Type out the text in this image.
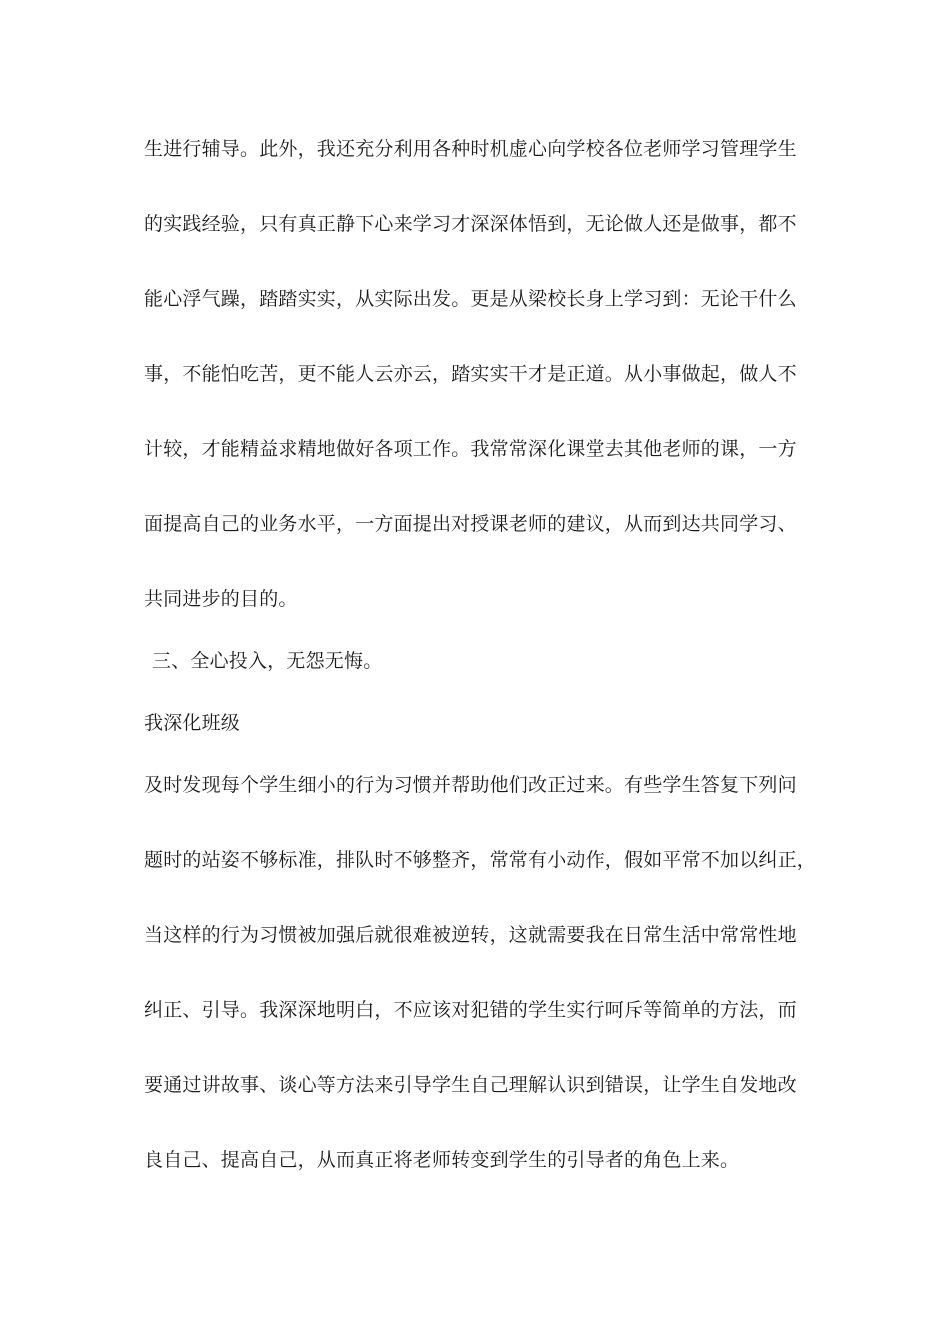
生进行辅导。此外，我还充分利用各种时机虚心向学校各位老师学习管理学生
的实践经验，只有真正静下心来学习才深深体悟到，无论做人还是做事，都不
能心浮气躁，踏踏实实，从实际出发。更是从梁校长身上学习到：无论干什么
事，不能怕吃苦，更不能人云亦云，踏实实干才是正道。从小事做起，做人不
计较，才能精益求精地做好各项工作。我常常深化课堂去其他老师的课，一方
面提高自己的业务水平，一方面提出对授课老师的建议，从而到达共同学习、
共同进步的目的。
三、全心投入，无怨无悔。
我深化班级
及时发现每个学生细小的行为习惯并帮助他们改正过来。有些学生答复下列问
题时的站姿不够标准，排队时不够整齐，常常有小动作，假如平常不加以纠正，
当这样的行为习惯被加强后就很难被逆转，这就需要我在日常生活中常常性地
纠正、引导。我深深地明白，不应该对犯错的学生实行呵斥等简单的方法，而
要通过讲故事、谈心等方法来引导学生自己理解认识到错误，让学生自发地改
良自己、提高自己，从而真正将老师转变到学生的引导者的角色上来。
